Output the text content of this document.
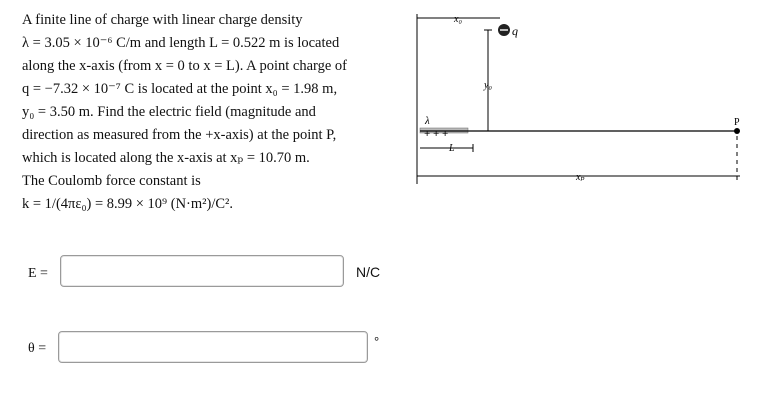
A finite line of charge with linear charge density
λ = 3.05 × 10⁻⁶ C/m and length L = 0.522 m is located
along the x-axis (from x = 0 to x = L). A point charge of
q = −7.32 × 10⁻⁷ C is located at the point x₀ = 1.98 m,
y₀ = 3.50 m. Find the electric field (magnitude and
direction as measured from the +x-axis) at the point P,
which is located along the x-axis at xₚ = 10.70 m.
The Coulomb force constant is
k = 1/(4πε₀) = 8.99 × 10⁹ (N·m²)/C².
E =	N/C
θ =	°
x₀
q
y₀
λ
+ + +
L
P
xₚ
